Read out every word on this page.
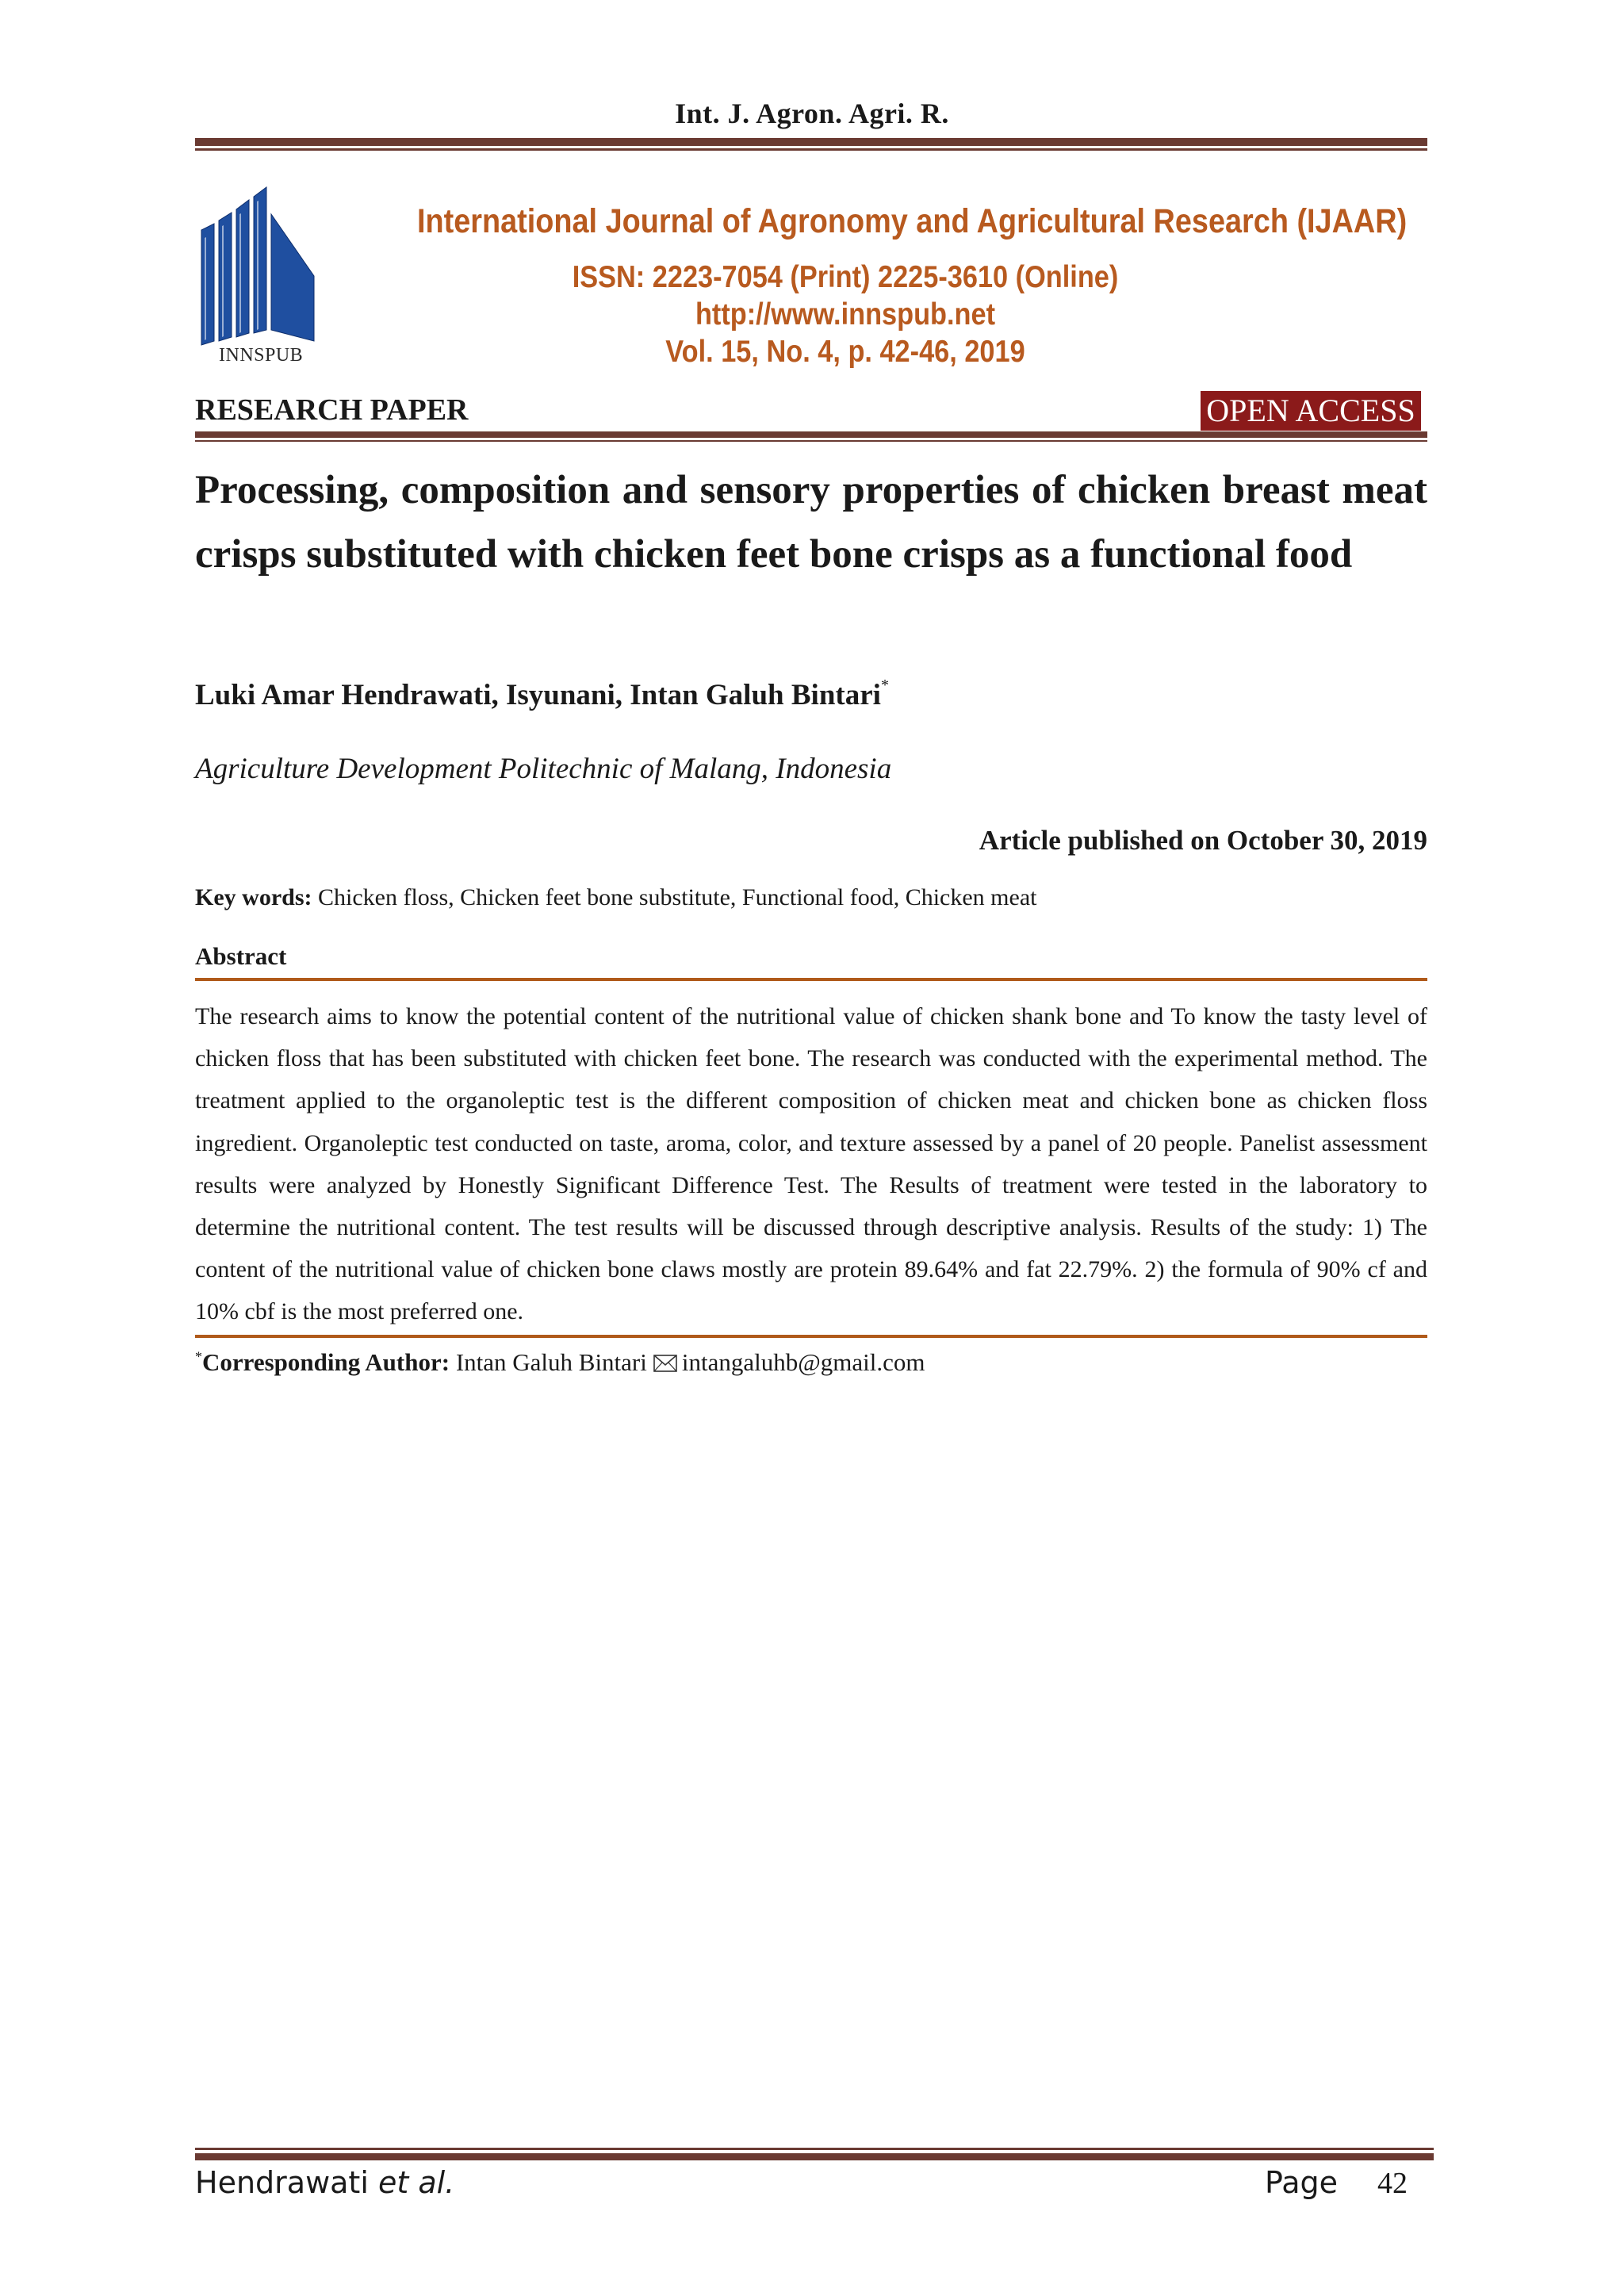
Int. J. Agron. Agri. R.
INNSPUB
International Journal of Agronomy and Agricultural Research (IJAAR)
ISSN: 2223-7054 (Print) 2225-3610 (Online)
http://www.innspub.net
Vol. 15, No. 4, p. 42-46, 2019
RESEARCH PAPER	OPEN ACCESS
Processing, composition and sensory properties of chicken breast meat crisps substituted with chicken feet bone crisps as a functional food
Luki Amar Hendrawati, Isyunani, Intan Galuh Bintari*
Agriculture Development Politechnic of Malang, Indonesia
Article published on October 30, 2019
Key words: Chicken floss, Chicken feet bone substitute, Functional food, Chicken meat
Abstract
The research aims to know the potential content of the nutritional value of chicken shank bone and To know the tasty level of chicken floss that has been substituted with chicken feet bone. The research was conducted with the experimental method. The treatment applied to the organoleptic test is the different composition of chicken meat and chicken bone as chicken floss ingredient. Organoleptic test conducted on taste, aroma, color, and texture assessed by a panel of 20 people. Panelist assessment results were analyzed by Honestly Significant Difference Test. The Results of treatment were tested in the laboratory to determine the nutritional content. The test results will be discussed through descriptive analysis. Results of the study: 1) The content of the nutritional value of chicken bone claws mostly are protein 89.64% and fat 22.79%. 2) the formula of 90% cf and 10% cbf is the most preferred one.
*Corresponding Author: Intan Galuh Bintari intangaluhb@gmail.com
Hendrawati et al.	Page 42
